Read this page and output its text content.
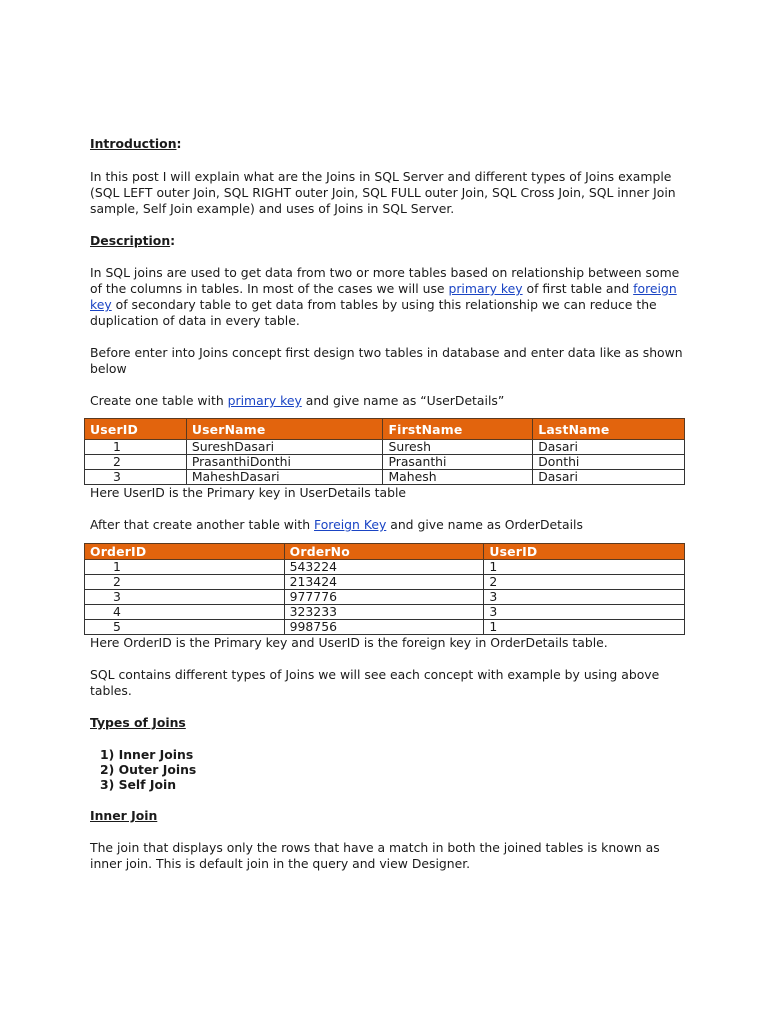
Introduction:

In this post I will explain what are the Joins in SQL Server and different types of Joins example (SQL LEFT outer Join, SQL RIGHT outer Join, SQL FULL outer Join, SQL Cross Join, SQL inner Join sample, Self Join example) and uses of Joins in SQL Server.

Description:

In SQL joins are used to get data from two or more tables based on relationship between some of the columns in tables. In most of the cases we will use primary key of first table and foreign key of secondary table to get data from tables by using this relationship we can reduce the duplication of data in every table.

Before enter into Joins concept first design two tables in database and enter data like as shown below

Create one table with primary key and give name as “UserDetails”

UserID	UserName	FirstName	LastName
1	SureshDasari	Suresh	Dasari
2	PrasanthiDonthi	Prasanthi	Donthi
3	MaheshDasari	Mahesh	Dasari

Here UserID is the Primary key in UserDetails table

After that create another table with Foreign Key and give name as OrderDetails

OrderID	OrderNo	UserID
1	543224	1
2	213424	2
3	977776	3
4	323233	3
5	998756	1

Here OrderID is the Primary key and UserID is the foreign key in OrderDetails table.

SQL contains different types of Joins we will see each concept with example by using above tables.

Types of Joins
1) Inner Joins
2) Outer Joins
3) Self Join
Inner Join

The join that displays only the rows that have a match in both the joined tables is known as inner join. This is default join in the query and view Designer.
